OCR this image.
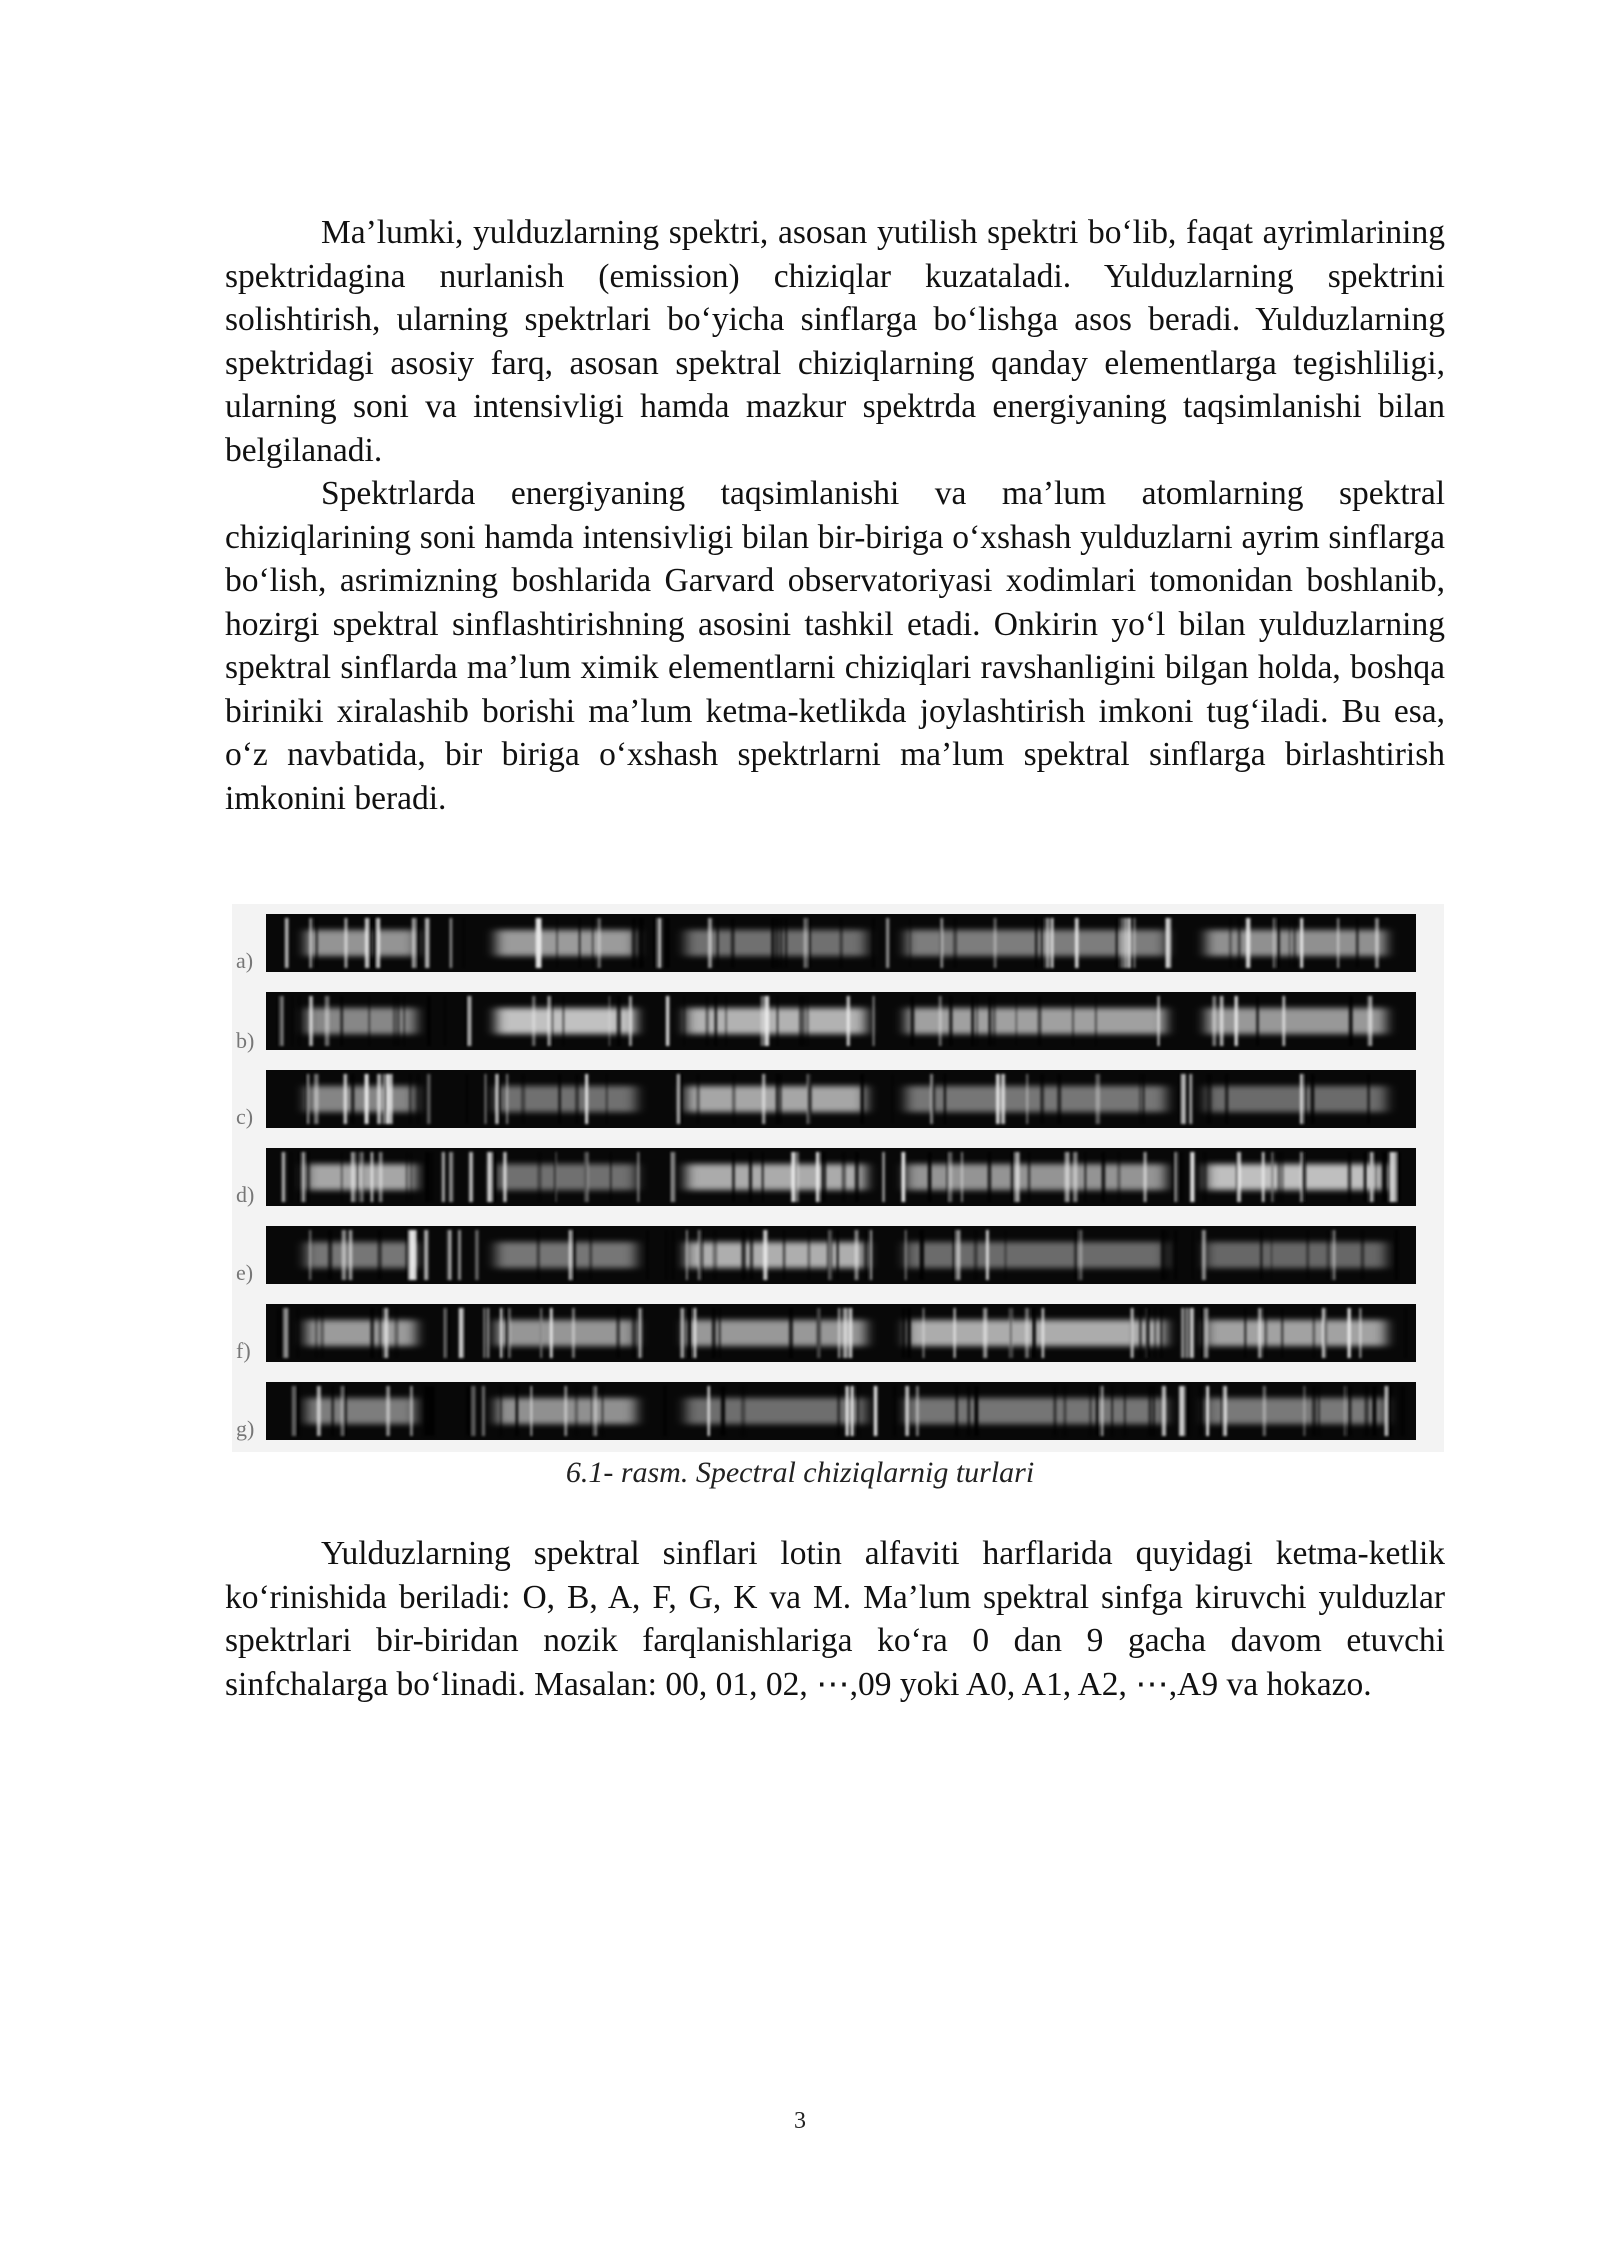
Ma’lumki, yulduzlarning spektri, asosan yutilish spektri bo‘lib, faqat ayrimlarining spektridagina nurlanish (emission) chiziqlar kuzataladi. Yulduzlarning spektrini solishtirish, ularning spektrlari bo‘yicha sinflarga bo‘lishga asos beradi. Yulduzlarning spektridagi asosiy farq, asosan spektral chiziqlarning qanday elementlarga tegishliligi, ularning soni va intensivligi hamda mazkur spektrda energiyaning taqsimlanishi bilan belgilanadi.

Spektrlarda energiyaning taqsimlanishi va ma’lum atomlarning spektral chiziqlarining soni hamda intensivligi bilan bir-biriga o‘xshash yulduzlarni ayrim sinflarga bo‘lish, asrimizning boshlarida Garvard observatoriyasi xodimlari tomonidan boshlanib, hozirgi spektral sinflashtirishning asosini tashkil etadi. Onkirin yo‘l bilan yulduzlarning spektral sinflarda ma’lum ximik elementlarni chiziqlari ravshanligini bilgan holda, boshqa biriniki xiralashib borishi ma’lum ketma-ketlikda joylashtirish imkoni tug‘iladi. Bu esa, o‘z navbatida, bir biriga o‘xshash spektrlarni ma’lum spektral sinflarga birlashtirish imkonini beradi.

a)
b)
c)
d)
e)
f)
g)
6.1- rasm. Spectral chiziqlarnig turlari

Yulduzlarning spektral sinflari lotin alfaviti harflarida quyidagi ketma-ketlik ko‘rinishida beriladi: O, B, A, F, G, K va M. Ma’lum spektral sinfga kiruvchi yulduzlar spektrlari bir-biridan nozik farqlanishlariga ko‘ra 0 dan 9 gacha davom etuvchi sinfchalarga bo‘linadi. Masalan: 00, 01, 02, ⋯,09 yoki A0, A1, A2, ⋯,A9 va hokazo.

3
